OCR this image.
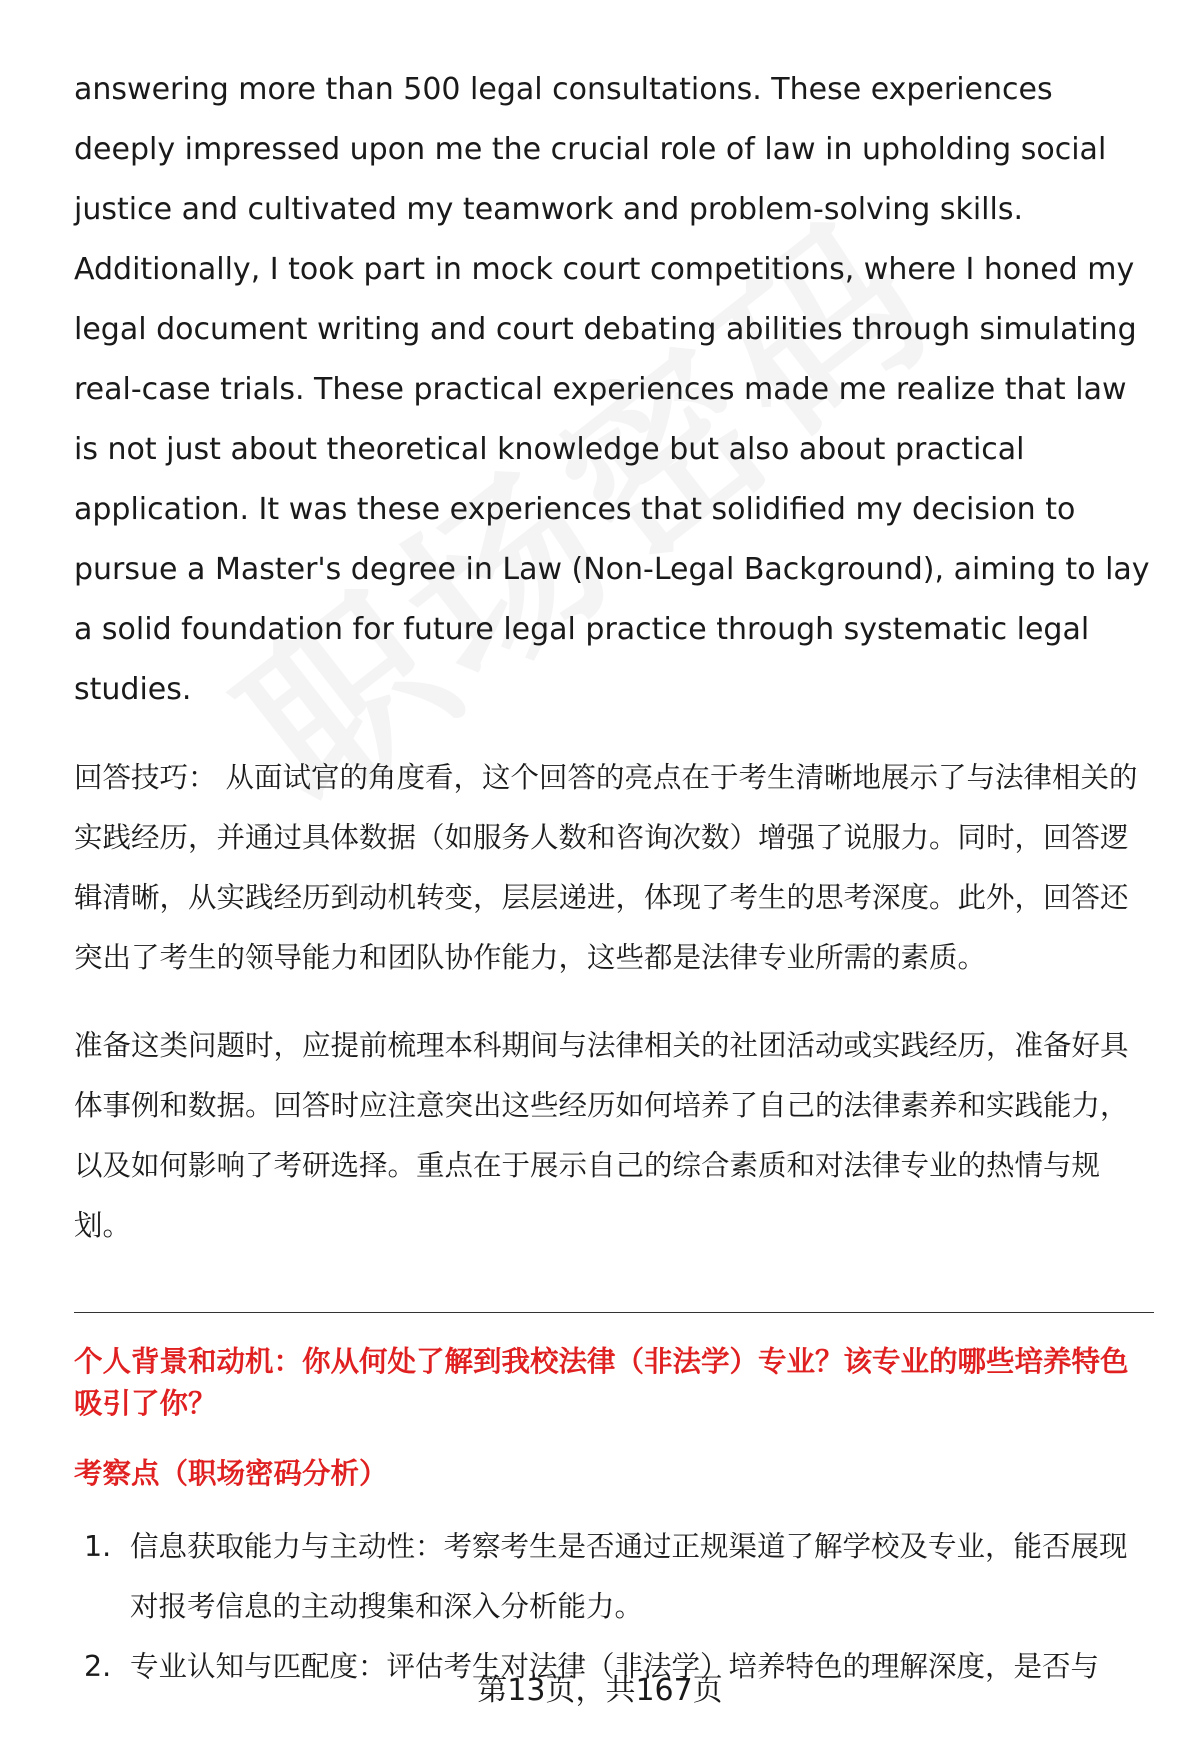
answering more than 500 legal consultations. These experiences deeply impressed upon me the crucial role of law in upholding social justice and cultivated my teamwork and problem-solving skills. Additionally, I took part in mock court competitions, where I honed my legal document writing and court debating abilities through simulating real-case trials. These practical experiences made me realize that law is not just about theoretical knowledge but also about practical application. It was these experiences that solidified my decision to pursue a Master's degree in Law (Non-Legal Background), aiming to lay a solid foundation for future legal practice through systematic legal studies.

回答技巧： 从面试官的角度看，这个回答的亮点在于考生清晰地展示了与法律相关的实践经历，并通过具体数据（如服务人数和咨询次数）增强了说服力。同时，回答逻辑清晰，从实践经历到动机转变，层层递进，体现了考生的思考深度。此外，回答还突出了考生的领导能力和团队协作能力，这些都是法律专业所需的素质。

准备这类问题时，应提前梳理本科期间与法律相关的社团活动或实践经历，准备好具体事例和数据。回答时应注意突出这些经历如何培养了自己的法律素养和实践能力，以及如何影响了考研选择。重点在于展示自己的综合素质和对法律专业的热情与规划。

个人背景和动机：你从何处了解到我校法律（非法学）专业？该专业的哪些培养特色吸引了你？

考察点（职场密码分析）

1. 信息获取能力与主动性：考察考生是否通过正规渠道了解学校及专业，能否展现对报考信息的主动搜集和深入分析能力。
2. 专业认知与匹配度：评估考生对法律（非法学）培养特色的理解深度，是否与
第13页，共167页
